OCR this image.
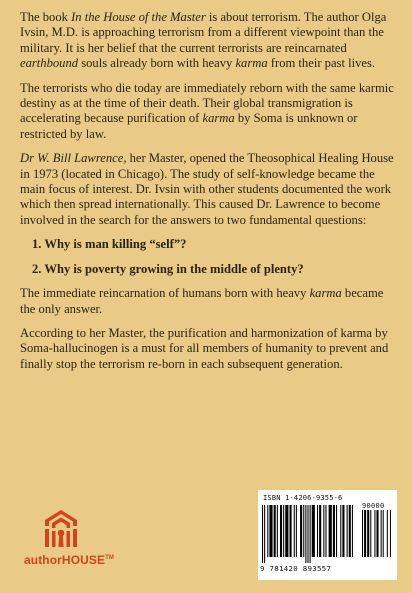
The book In the House of the Master is about terrorism. The author Olga Ivsin, M.D. is approaching terrorism from a different viewpoint than the military. It is her belief that the current terrorists are reincarnated earthbound souls already born with heavy karma from their past lives.

The terrorists who die today are immediately reborn with the same karmic destiny as at the time of their death. Their global transmigration is accelerating because purification of karma by Soma is unknown or restricted by law.

Dr W. Bill Lawrence, her Master, opened the Theosophical Healing House in 1973 (located in Chicago). The study of self-knowledge became the main focus of interest. Dr. Ivsin with other students documented the work which then spread internationally. This caused Dr. Lawrence to become involved in the search for the answers to two fundamental questions:

1. Why is man killing “self”?

2. Why is poverty growing in the middle of plenty?

The immediate reincarnation of humans born with heavy karma became the only answer.

According to her Master, the purification and harmonization of karma by Soma-hallucinogen is a must for all members of humanity to prevent and finally stop the terrorism re-born in each subsequent generation.

authorHOUSE™
ISBN 1-4206-9355-6
90000
9 781420 893557
